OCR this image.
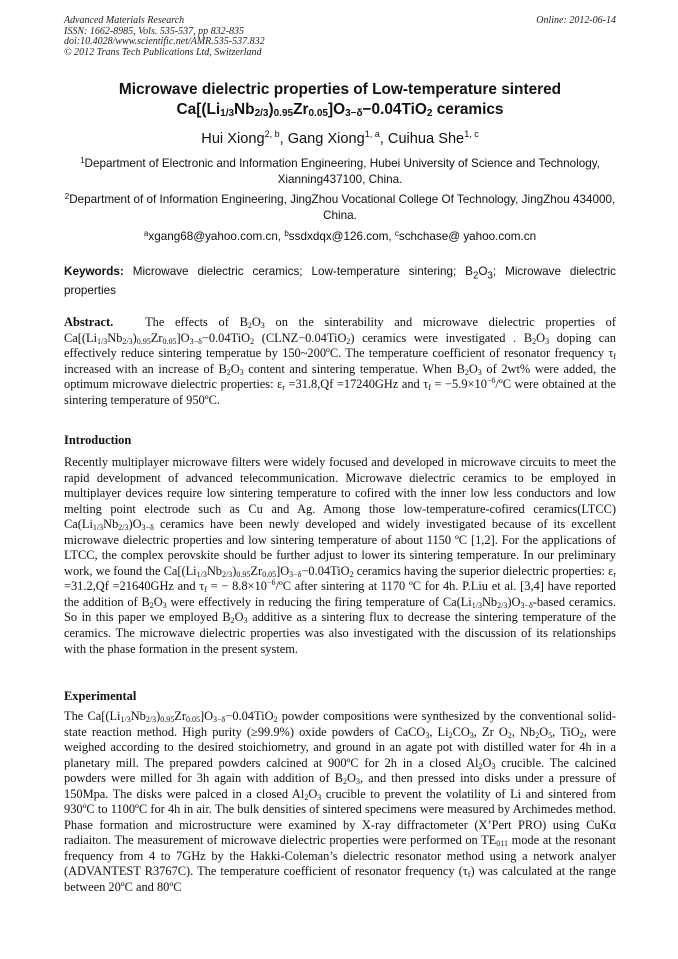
Advanced Materials Research
ISSN: 1662-8985, Vols. 535-537, pp 832-835
doi:10.4028/www.scientific.net/AMR.535-537.832
© 2012 Trans Tech Publications Ltd, Switzerland
Online: 2012-06-14
Microwave dielectric properties of Low-temperature sintered
$Ca[(Li_{1/3}Nb_{2/3})_{0.95}Zr_{0.05}]O_{3-\delta}-0.04TiO_2$ ceramics
Hui Xiong$^{2, b}$, Gang Xiong$^{1, a}$, Cuihua She$^{1, c}$
$^1$Department of Electronic and Information Engineering, Hubei University of Science and Technology, Xianning437100, China.
$^2$Department of of Information Engineering, JingZhou Vocational College Of Technology, JingZhou 434000, China.
$^a$xgang68@yahoo.com.cn, $^b$ssdxdqx@126.com, $^c$schchase@ yahoo.com.cn
Keywords: Microwave dielectric ceramics; Low-temperature sintering; $B_2O_3$; Microwave dielectric properties
Abstract.	The effects of $B_2O_3$ on the sinterability and microwave dielectric properties of $Ca[(Li_{1/3}Nb_{2/3})_{0.95}Zr_{0.05}]O_{3-\delta}-0.04TiO_2$ (CLNZ−0.04TiO$_2$) ceramics were investigated . $B_2O_3$ doping can effectively reduce sintering temperatue by 150~200ºC. The temperature coefficient of resonator frequency $\tau_f$ increased with an increase of $B_2O_3$ content and sintering temperatue. When $B_2O_3$ of 2wt% were added, the optimum microwave dielectric properties: $\varepsilon_r =31.8,Qf =17240GHz$ and $\tau_f$ = $-5.9\times 10^{-6}/ºC$ were obtained at the sintering temperature of 950ºC.
Introduction
Recently multiplayer microwave filters were widely focused and developed in microwave circuits to meet the rapid development of advanced telecommunication. Microwave dielectric ceramics to be employed in multiplayer devices require low sintering temperature to cofired with the inner low less conductors and low melting point electrode such as Cu and Ag. Among those low-temperature-cofired ceramics(LTCC) $Ca(Li_{1/3}Nb_{2/3})O_{3-\delta}$ ceramics have been newly developed and widely investigated because of its excellent microwave dielectric properties and low sintering temperature of about 1150 ºC [1,2]. For the applications of LTCC, the complex perovskite should be further adjust to lower its sintering temperature. In our preliminary work, we found the $Ca[(Li_{1/3}Nb_{2/3})_{0.95}Zr_{0.05}]O_{3-\delta}-0.04TiO_2$ ceramics having the superior dielectric properties: $\varepsilon_r =31.2,Qf =21640GHz$ and $\tau_f$ = − $8.8\times 10^{-6}/ºC$ after sintering at 1170 ºC for 4h. P.Liu et al. [3,4] have reported the addition of $B_2O_3$ were effectively in reducing the firing temperature of $Ca(Li_{1/3}Nb_{2/3})O_{3-\delta}$-based ceramics. So in this paper we employed $B_2O_3$ additive as a sintering flux to decrease the sintering temperature of the ceramics. The microwave dielectric properties was also investigated with the discussion of its relationships with the phase formation in the present system.
Experimental
The $Ca[(Li_{1/3}Nb_{2/3})_{0.95}Zr_{0.05}]O_{3-\delta}-0.04TiO_2$ powder compositions were synthesized by the conventional solid-state reaction method. High purity (≥99.9%) oxide powders of CaCO$_3$, $Li_2CO_3$, Zr $O_2$, $Nb_2O_5$, TiO$_2$, were weighed according to the desired stoichiometry, and ground in an agate pot with distilled water for 4h in a planetary mill. The prepared powders calcined at 900ºC for 2h in a closed $Al_2O_3$ crucible. The calcined powders were milled for 3h again with addition of $B_2O_3$, and then pressed into disks under a pressure of 150Mpa. The disks were palced in a closed $Al_2O_3$ crucible to prevent the volatility of Li and sintered from 930ºC to 1100ºC for 4h in air. The bulk densities of sintered specimens were measured by Archimedes method. Phase formation and microstructure were examined by X-ray diffractometer (X’Pert PRO) using CuKα radiaiton. The measurement of microwave dielectric properties were performed on $TE_{011}$ mode at the resonant frequency from 4 to 7GHz by the Hakki-Coleman’s dielectric resonator method using a network analyer (ADVANTEST R3767C). The temperature coefficient of resonator frequency $(\tau_f)$ was calculated at the range between 20ºC and 80ºC
